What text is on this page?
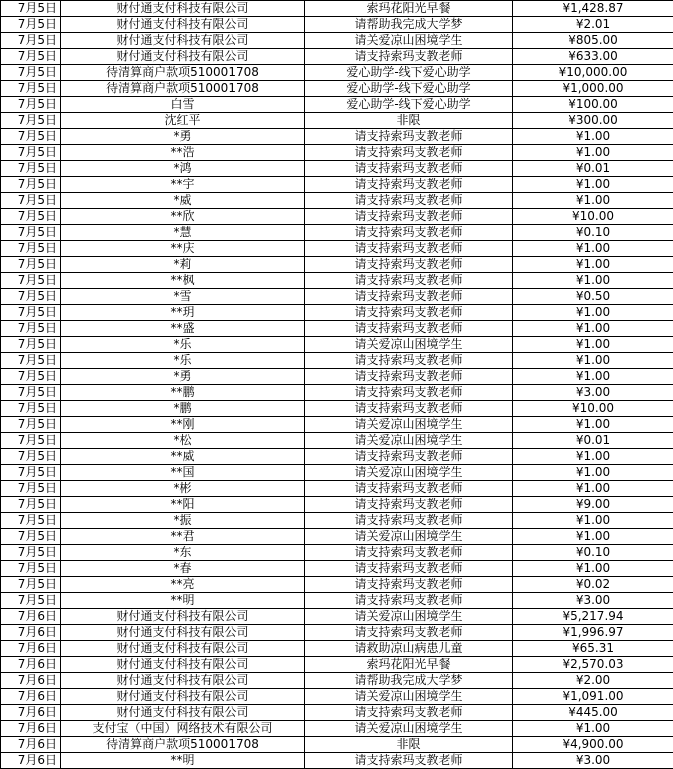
7月5日	财付通支付科技有限公司	索玛花阳光早餐	¥1,428.87
7月5日	财付通支付科技有限公司	请帮助我完成大学梦	¥2.01
7月5日	财付通支付科技有限公司	请关爱凉山困境学生	¥805.00
7月5日	财付通支付科技有限公司	请支持索玛支教老师	¥633.00
7月5日	待清算商户款项510001708	爱心助学-线下爱心助学	¥10,000.00
7月5日	待清算商户款项510001708	爱心助学-线下爱心助学	¥1,000.00
7月5日	白雪	爱心助学-线下爱心助学	¥100.00
7月5日	沈红平	非限	¥300.00
7月5日	*勇	请支持索玛支教老师	¥1.00
7月5日	**浩	请支持索玛支教老师	¥1.00
7月5日	*鸿	请支持索玛支教老师	¥0.01
7月5日	**宇	请支持索玛支教老师	¥1.00
7月5日	*威	请支持索玛支教老师	¥1.00
7月5日	**欣	请支持索玛支教老师	¥10.00
7月5日	*慧	请支持索玛支教老师	¥0.10
7月5日	**庆	请支持索玛支教老师	¥1.00
7月5日	*莉	请支持索玛支教老师	¥1.00
7月5日	**枫	请支持索玛支教老师	¥1.00
7月5日	*雪	请支持索玛支教老师	¥0.50
7月5日	**玥	请支持索玛支教老师	¥1.00
7月5日	**盛	请支持索玛支教老师	¥1.00
7月5日	*乐	请关爱凉山困境学生	¥1.00
7月5日	*乐	请支持索玛支教老师	¥1.00
7月5日	*勇	请支持索玛支教老师	¥1.00
7月5日	**鹏	请支持索玛支教老师	¥3.00
7月5日	*鹏	请支持索玛支教老师	¥10.00
7月5日	**刚	请关爱凉山困境学生	¥1.00
7月5日	*松	请关爱凉山困境学生	¥0.01
7月5日	**威	请支持索玛支教老师	¥1.00
7月5日	**国	请关爱凉山困境学生	¥1.00
7月5日	*彬	请支持索玛支教老师	¥1.00
7月5日	**阳	请支持索玛支教老师	¥9.00
7月5日	*振	请支持索玛支教老师	¥1.00
7月5日	**君	请关爱凉山困境学生	¥1.00
7月5日	*东	请支持索玛支教老师	¥0.10
7月5日	*春	请支持索玛支教老师	¥1.00
7月5日	**亮	请支持索玛支教老师	¥0.02
7月5日	**明	请支持索玛支教老师	¥3.00
7月6日	财付通支付科技有限公司	请关爱凉山困境学生	¥5,217.94
7月6日	财付通支付科技有限公司	请支持索玛支教老师	¥1,996.97
7月6日	财付通支付科技有限公司	请救助凉山病患儿童	¥65.31
7月6日	财付通支付科技有限公司	索玛花阳光早餐	¥2,570.03
7月6日	财付通支付科技有限公司	请帮助我完成大学梦	¥2.00
7月6日	财付通支付科技有限公司	请关爱凉山困境学生	¥1,091.00
7月6日	财付通支付科技有限公司	请支持索玛支教老师	¥445.00
7月6日	支付宝（中国）网络技术有限公司	请关爱凉山困境学生	¥1.00
7月6日	待清算商户款项510001708	非限	¥4,900.00
7月6日	**明	请支持索玛支教老师	¥3.00
